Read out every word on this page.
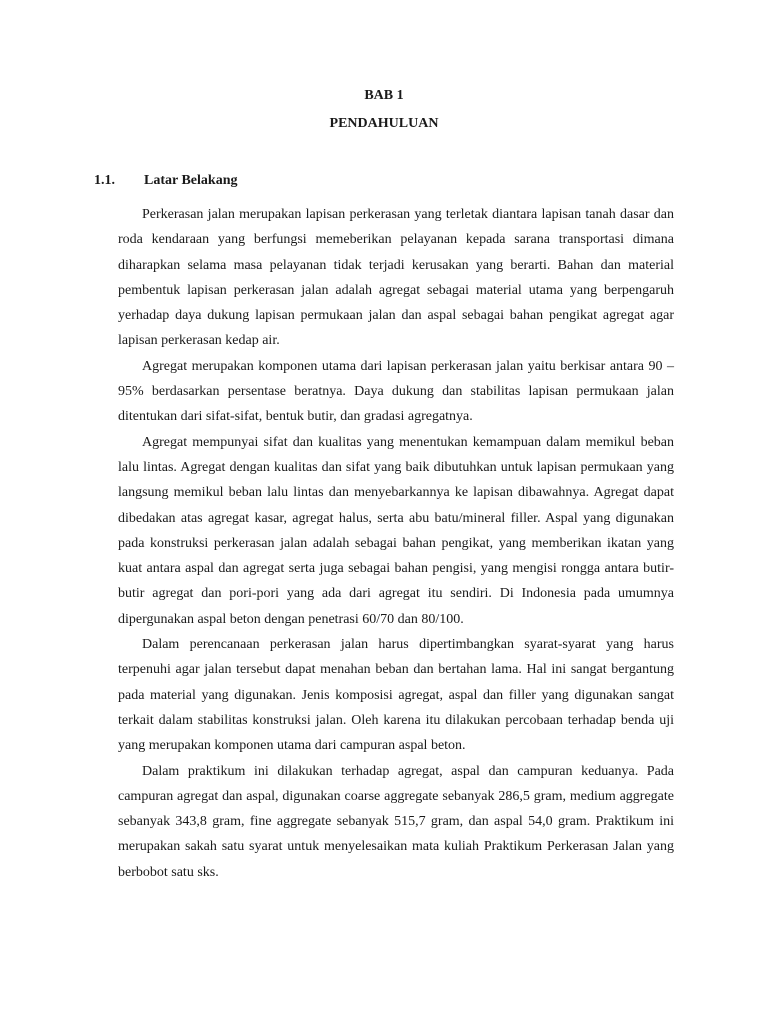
BAB 1
PENDAHULUAN
1.1. Latar Belakang

Perkerasan jalan merupakan lapisan perkerasan yang terletak diantara lapisan tanah dasar dan roda kendaraan yang berfungsi memeberikan pelayanan kepada sarana transportasi dimana diharapkan selama masa pelayanan tidak terjadi kerusakan yang berarti. Bahan dan material pembentuk lapisan perkerasan jalan adalah agregat sebagai material utama yang berpengaruh yerhadap daya dukung lapisan permukaan jalan dan aspal sebagai bahan pengikat agregat agar lapisan perkerasan kedap air.

Agregat merupakan komponen utama dari lapisan perkerasan jalan yaitu berkisar antara 90 – 95% berdasarkan persentase beratnya. Daya dukung dan stabilitas lapisan permukaan jalan ditentukan dari sifat-sifat, bentuk butir, dan gradasi agregatnya.

Agregat mempunyai sifat dan kualitas yang menentukan kemampuan dalam memikul beban lalu lintas. Agregat dengan kualitas dan sifat yang baik dibutuhkan untuk lapisan permukaan yang langsung memikul beban lalu lintas dan menyebarkannya ke lapisan dibawahnya. Agregat dapat dibedakan atas agregat kasar, agregat halus, serta abu batu/mineral filler. Aspal yang digunakan pada konstruksi perkerasan jalan adalah sebagai bahan pengikat, yang memberikan ikatan yang kuat antara aspal dan agregat serta juga sebagai bahan pengisi, yang mengisi rongga antara butir-butir agregat dan pori-pori yang ada dari agregat itu sendiri. Di Indonesia pada umumnya dipergunakan aspal beton dengan penetrasi 60/70 dan 80/100.

Dalam perencanaan perkerasan jalan harus dipertimbangkan syarat-syarat yang harus terpenuhi agar jalan tersebut dapat menahan beban dan bertahan lama. Hal ini sangat bergantung pada material yang digunakan. Jenis komposisi agregat, aspal dan filler yang digunakan sangat terkait dalam stabilitas konstruksi jalan. Oleh karena itu dilakukan percobaan terhadap benda uji yang merupakan komponen utama dari campuran aspal beton.

Dalam praktikum ini dilakukan terhadap agregat, aspal dan campuran keduanya. Pada campuran agregat dan aspal, digunakan coarse aggregate sebanyak 286,5 gram, medium aggregate sebanyak 343,8 gram, fine aggregate sebanyak 515,7 gram, dan aspal 54,0 gram. Praktikum ini merupakan sakah satu syarat untuk menyelesaikan mata kuliah Praktikum Perkerasan Jalan yang berbobot satu sks.
